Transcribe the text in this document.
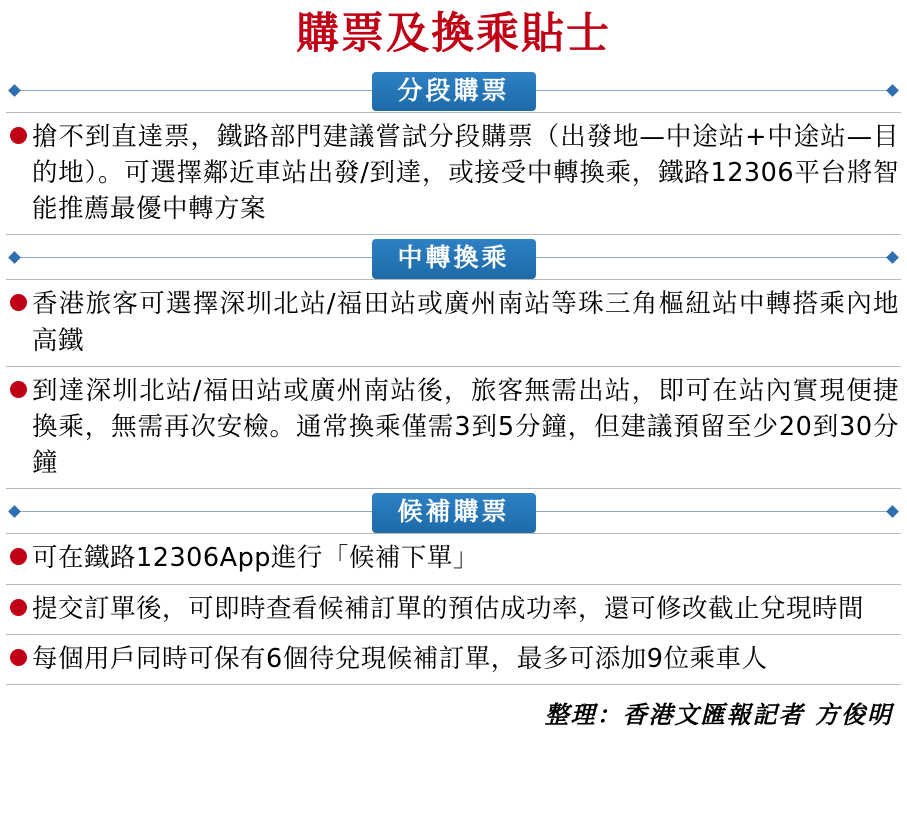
購票及換乘貼士
分段購票
搶不到直達票，鐵路部門建議嘗試分段購票（出發地—中途站+中途站—目的地）。可選擇鄰近車站出發/到達，或接受中轉換乘，鐵路12306平台將智能推薦最優中轉方案
中轉換乘
香港旅客可選擇深圳北站/福田站或廣州南站等珠三角樞紐站中轉搭乘內地高鐵
到達深圳北站/福田站或廣州南站後，旅客無需出站，即可在站內實現便捷換乘，無需再次安檢。通常換乘僅需3到5分鐘，但建議預留至少20到30分鐘
候補購票
可在鐵路12306App進行「候補下單」
提交訂單後，可即時查看候補訂單的預估成功率，還可修改截止兌現時間
每個用戶同時可保有6個待兌現候補訂單，最多可添加9位乘車人
整理：香港文匯報記者 方俊明
